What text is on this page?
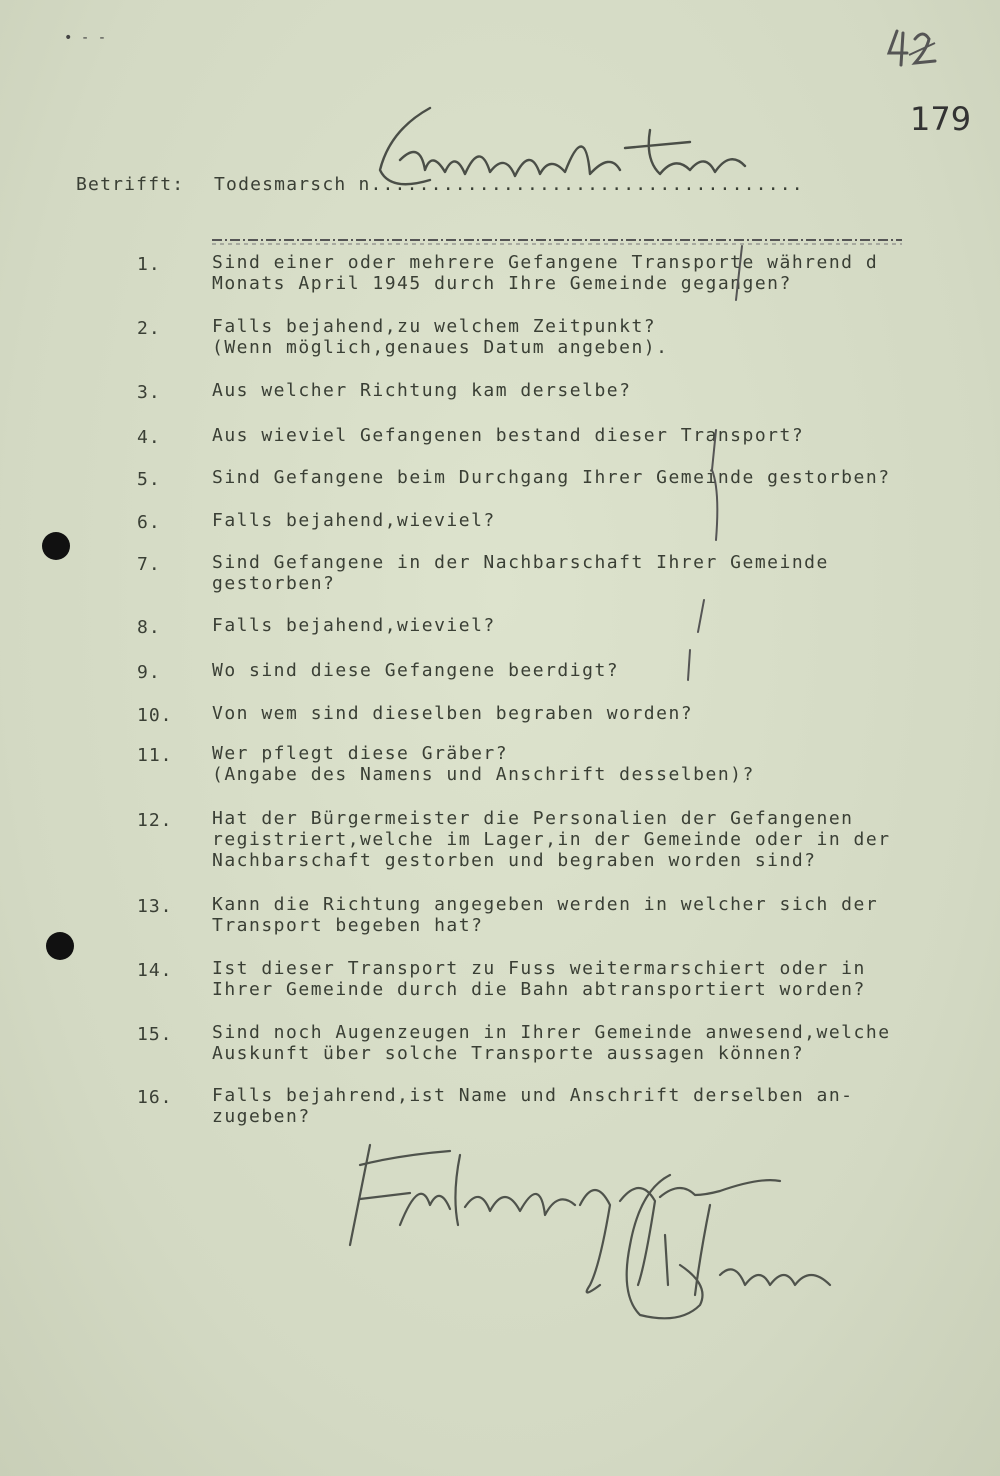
• - -
179
Betrifft: Todesmarsch n....................................
1.	Sind einer oder mehrere Gefangene Transporte während d
Monats April 1945 durch Ihre Gemeinde gegangen?
2.	Falls bejahend,zu welchem Zeitpunkt?
(Wenn möglich,genaues Datum angeben).
3.	Aus welcher Richtung kam derselbe?
4.	Aus wieviel Gefangenen bestand dieser Transport?
5.	Sind Gefangene beim Durchgang Ihrer Gemeinde gestorben?
6.	Falls bejahend,wieviel?
7.	Sind Gefangene in der Nachbarschaft Ihrer Gemeinde
gestorben?
8.	Falls bejahend,wieviel?
9.	Wo sind diese Gefangene beerdigt?
10. Von wem sind dieselben begraben worden?
11. Wer pflegt diese Gräber?
(Angabe des Namens und Anschrift desselben)?
12. Hat der Bürgermeister die Personalien der Gefangenen
registriert,welche im Lager,in der Gemeinde oder in der
Nachbarschaft gestorben und begraben worden sind?
13. Kann die Richtung angegeben werden in welcher sich der
Transport begeben hat?
14. Ist dieser Transport zu Fuss weitermarschiert oder in
Ihrer Gemeinde durch die Bahn abtransportiert worden?
15. Sind noch Augenzeugen in Ihrer Gemeinde anwesend,welche
Auskunft über solche Transporte aussagen können?
16. Falls bejahrend,ist Name und Anschrift derselben an-
zugeben?
